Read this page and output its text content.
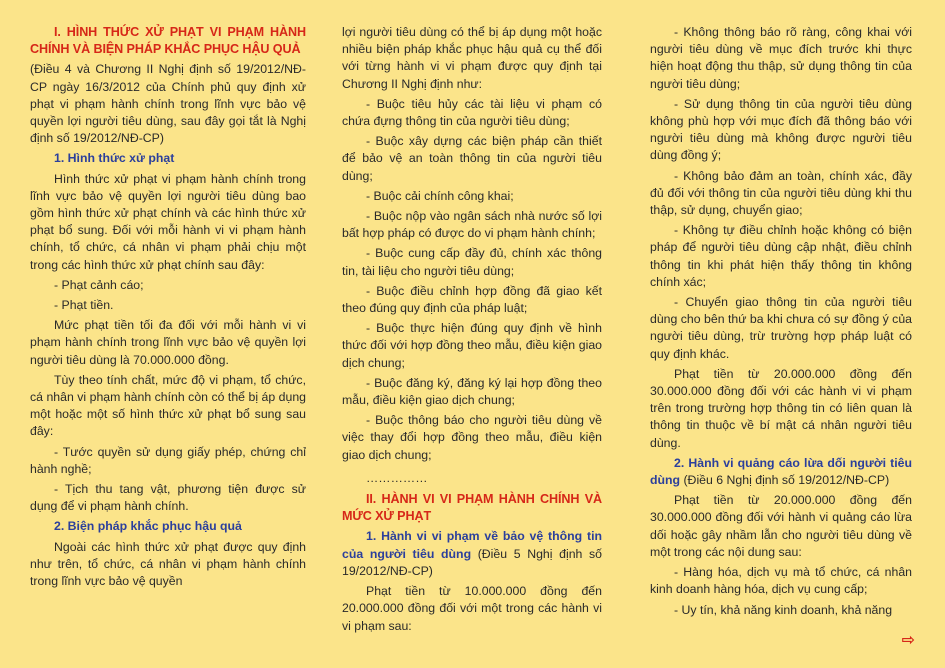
I. HÌNH THỨC XỬ PHẠT VI PHẠM HÀNH CHÍNH VÀ BIỆN PHÁP KHẮC PHỤC HẬU QUẢ

(Điều 4 và Chương II Nghị định số 19/2012/NĐ-CP ngày 16/3/2012 của Chính phủ quy định xử phạt vi phạm hành chính trong lĩnh vực bảo vệ quyền lợi người tiêu dùng, sau đây gọi tắt là Nghị định số 19/2012/NĐ-CP)

1. Hình thức xử phạt

Hình thức xử phạt vi phạm hành chính trong lĩnh vực bảo vệ quyền lợi người tiêu dùng bao gồm hình thức xử phạt chính và các hình thức xử phạt bổ sung. Đối với mỗi hành vi vi phạm hành chính, tổ chức, cá nhân vi phạm phải chịu một trong các hình thức xử phạt chính sau đây:

- Phạt cảnh cáo;

- Phạt tiền.

Mức phạt tiền tối đa đối với mỗi hành vi vi phạm hành chính trong lĩnh vực bảo vệ quyền lợi người tiêu dùng là 70.000.000 đồng.

Tùy theo tính chất, mức độ vi phạm, tổ chức, cá nhân vi phạm hành chính còn có thể bị áp dụng một hoặc một số hình thức xử phạt bổ sung sau đây:

- Tước quyền sử dụng giấy phép, chứng chỉ hành nghề;

- Tịch thu tang vật, phương tiện được sử dụng để vi phạm hành chính.

2. Biện pháp khắc phục hậu quả

Ngoài các hình thức xử phạt được quy định như trên, tổ chức, cá nhân vi phạm hành chính trong lĩnh vực bảo vệ quyền

lợi người tiêu dùng có thể bị áp dụng một hoặc nhiều biện pháp khắc phục hậu quả cụ thể đối với từng hành vi vi phạm được quy định tại Chương II Nghị định như:

- Buộc tiêu hủy các tài liệu vi phạm có chứa đựng thông tin của người tiêu dùng;

- Buộc xây dựng các biện pháp cần thiết để bảo vệ an toàn thông tin của người tiêu dùng;

- Buộc cải chính công khai;

- Buộc nộp vào ngân sách nhà nước số lợi bất hợp pháp có được do vi phạm hành chính;

- Buộc cung cấp đầy đủ, chính xác thông tin, tài liệu cho người tiêu dùng;

- Buộc điều chỉnh hợp đồng đã giao kết theo đúng quy định của pháp luật;

- Buộc thực hiện đúng quy định về hình thức đối với hợp đồng theo mẫu, điều kiện giao dịch chung;

- Buộc đăng ký, đăng ký lại hợp đồng theo mẫu, điều kiện giao dịch chung;

- Buộc thông báo cho người tiêu dùng về việc thay đổi hợp đồng theo mẫu, điều kiện giao dịch chung;

……………

II. HÀNH VI VI PHẠM HÀNH CHÍNH VÀ MỨC XỬ PHẠT

1. Hành vi vi phạm về bảo vệ thông tin của người tiêu dùng (Điều 5 Nghị định số 19/2012/NĐ-CP)

Phạt tiền từ 10.000.000 đồng đến 20.000.000 đồng đối với một trong các hành vi vi phạm sau:

- Không thông báo rõ ràng, công khai với người tiêu dùng về mục đích trước khi thực hiện hoạt động thu thập, sử dụng thông tin của người tiêu dùng;

- Sử dụng thông tin của người tiêu dùng không phù hợp với mục đích đã thông báo với người tiêu dùng mà không được người tiêu dùng đồng ý;

- Không bảo đảm an toàn, chính xác, đầy đủ đối với thông tin của người tiêu dùng khi thu thập, sử dụng, chuyển giao;

- Không tự điều chỉnh hoặc không có biện pháp để người tiêu dùng cập nhật, điều chỉnh thông tin khi phát hiện thấy thông tin không chính xác;

- Chuyển giao thông tin của người tiêu dùng cho bên thứ ba khi chưa có sự đồng ý của người tiêu dùng, trừ trường hợp pháp luật có quy định khác.

Phạt tiền từ 20.000.000 đồng đến 30.000.000 đồng đối với các hành vi vi phạm trên trong trường hợp thông tin có liên quan là thông tin thuộc về bí mật cá nhân người tiêu dùng.

2. Hành vi quảng cáo lừa dối người tiêu dùng (Điều 6 Nghị định số 19/2012/NĐ-CP)

Phạt tiền từ 20.000.000 đồng đến 30.000.000 đồng đối với hành vi quảng cáo lừa dối hoặc gây nhầm lẫn cho người tiêu dùng về một trong các nội dung sau:

- Hàng hóa, dịch vụ mà tổ chức, cá nhân kinh doanh hàng hóa, dịch vụ cung cấp;

- Uy tín, khả năng kinh doanh, khả năng

⇨
